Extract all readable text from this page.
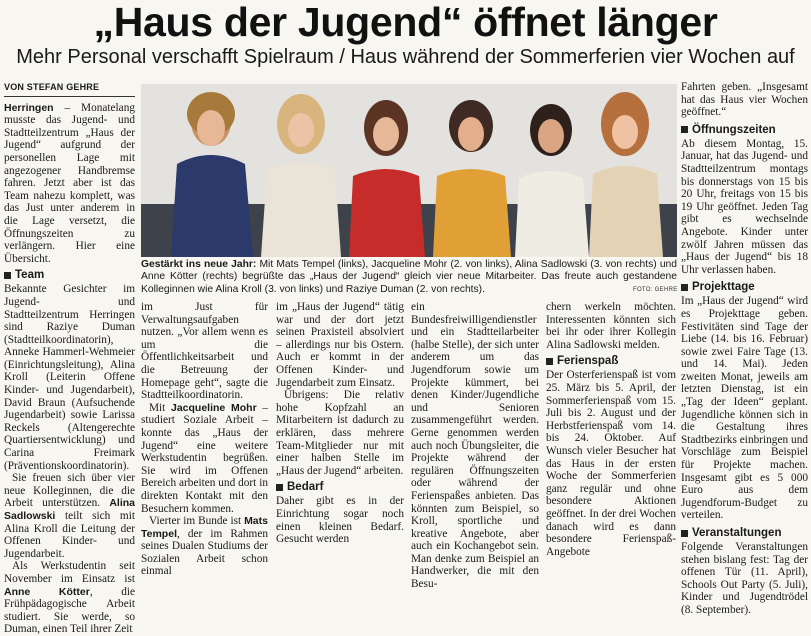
„Haus der Jugend“ öffnet länger
Mehr Personal verschafft Spielraum / Haus während der Sommerferien vier Wochen auf
VON STEFAN GEHRE

Herringen – Monatelang musste das Jugend- und Stadtteilzentrum „Haus der Jugend“ aufgrund der personellen Lage mit angezogener Handbremse fahren. Jetzt aber ist das Team nahezu komplett, was das Just unter anderem in die Lage versetzt, die Öffnungszeiten zu verlängern. Hier eine Übersicht.

Team

Bekannte Gesichter im Jugend- und Stadtteilzentrum Herringen sind Raziye Duman (Stadtteilkoordinatorin), Anneke Hammerl-Wehmeier (Einrichtungsleitung), Alina Kroll (Leiterin Offene Kinder- und Jugendarbeit), David Braun (Aufsuchende Jugendarbeit) sowie Larissa Reckels (Altengerechte Quartiersentwicklung) und Carina Freimark (Präventionskoordinatorin).

Sie freuen sich über vier neue Kolleginnen, die die Arbeit unterstützen. Alina Sadlowski teilt sich mit Alina Kroll die Leitung der Offenen Kinder- und Jugendarbeit.

Als Werkstudentin seit November im Einsatz ist Anne Kötter, die Frühpädagogische Arbeit studiert. Sie werde, so Duman, einen Teil ihrer Zeit

Gestärkt ins neue Jahr: Mit Mats Tempel (links), Jacqueline Mohr (2. von links), Alina Sadlowski (3. von rechts) und Anne Kötter (rechts) begrüßte das „Haus der Jugend“ gleich vier neue Mitarbeiter. Das freute auch gestandene Kolleginnen wie Alina Kroll (3. von links) und Raziye Duman (2. von rechts).	FOTO: GEHRE

im Just für Verwaltungsaufgaben nutzen. „Vor allem wenn es um die Öffentlichkeitsarbeit und die Betreuung der Homepage geht“, sagte die Stadtteilkoordinatorin.

Mit Jacqueline Mohr – studiert Soziale Arbeit – konnte das „Haus der Jugend“ eine weitere Werkstudentin begrüßen. Sie wird im Offenen Bereich arbeiten und dort in direkten Kontakt mit den Besuchern kommen.

Vierter im Bunde ist Mats Tempel, der im Rahmen seines Dualen Studiums der Sozialen Arbeit schon einmal

im „Haus der Jugend“ tätig war und der dort jetzt seinen Praxisteil absolviert – allerdings nur bis Ostern. Auch er kommt in der Offenen Kinder- und Jugendarbeit zum Einsatz.

Übrigens: Die relativ hohe Kopfzahl an Mitarbeitern ist dadurch zu erklären, dass mehrere Team-Mitglieder nur mit einer halben Stelle im „Haus der Jugend“ arbeiten.

Bedarf

Daher gibt es in der Einrichtung sogar noch einen kleinen Bedarf. Gesucht werden

ein Bundesfreiwilligendienstler und ein Stadtteilarbeiter (halbe Stelle), der sich unter anderem um das Jugendforum sowie um Projekte kümmert, bei denen Kinder/Jugendliche und Senioren zusammengeführt werden. Gerne genommen werden auch noch Übungsleiter, die Projekte während der regulären Öffnungszeiten oder während der Ferienspaßes anbieten. Das könnten zum Beispiel, so Kroll, sportliche und kreative Angebote, aber auch ein Kochangebot sein. Man denke zum Beispiel an Handwerker, die mit den Besu-

chern werkeln möchten. Interessenten könnten sich bei ihr oder ihrer Kollegin Alina Sadlowski melden.

Ferienspaß

Der Osterferienspaß ist vom 25. März bis 5. April, der Sommerferienspaß vom 15. Juli bis 2. August und der Herbstferienspaß vom 14. bis 24. Oktober. Auf Wunsch vieler Besucher hat das Haus in der ersten Woche der Sommerferien ganz regulär und ohne besondere Aktionen geöffnet. In der drei Wochen danach wird es dann besondere Ferienspaß-Angebote

Fahrten geben. „Insgesamt hat das Haus vier Wochen geöffnet.“

Öffnungszeiten

Ab diesem Montag, 15. Januar, hat das Jugend- und Stadtteilzentrum montags bis donnerstags von 15 bis 20 Uhr, freitags von 15 bis 19 Uhr geöffnet. Jeden Tag gibt es wechselnde Angebote. Kinder unter zwölf Jahren müssen das „Haus der Jugend“ bis 18 Uhr verlassen haben.

Projekttage

Im „Haus der Jugend“ wird es Projekttage geben. Festivitäten sind Tage der Liebe (14. bis 16. Februar) sowie zwei Faire Tage (13. und 14. Mai). Jeden zweiten Monat, jeweils am letzten Dienstag, ist ein „Tag der Ideen“ geplant. Jugendliche können sich in die Gestaltung ihres Stadtbezirks einbringen und Vorschläge zum Beispiel für Projekte machen. Insgesamt gibt es 5 000 Euro aus dem Jugendforum-Budget zu verteilen.

Veranstaltungen

Folgende Veranstaltungen stehen bislang fest: Tag der offenen Tür (11. April), Schools Out Party (5. Juli), Kinder und Jugendtrödel (8. September).
